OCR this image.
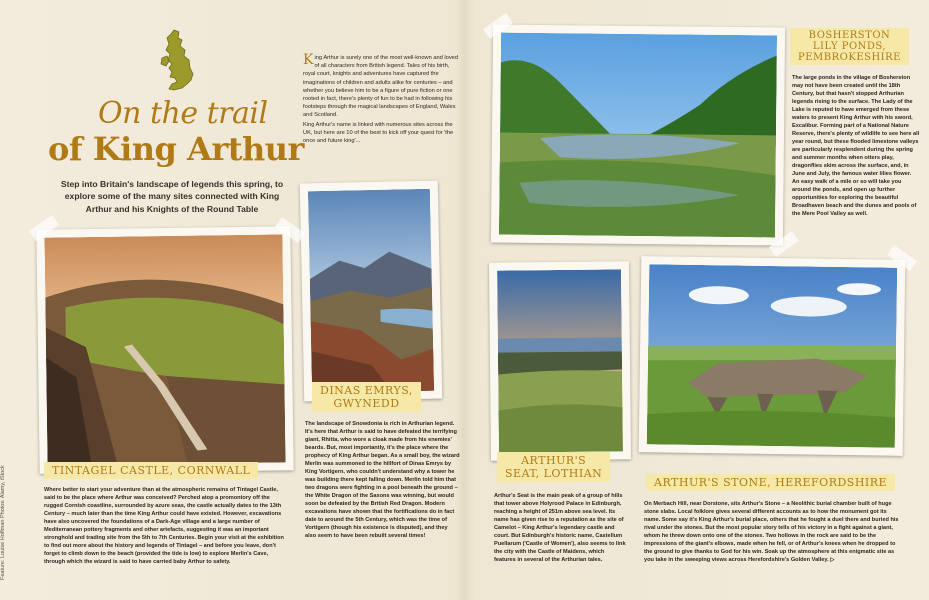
Feature: Louise Hoffman Photos: Alamy, iStock
On the trail
of King Arthur
Step into Britain's landscape of legends this spring, to explore some of the many sites connected with King Arthur and his Knights of the Round Table
King Arthur is surely one of the most well-known and loved of all characters from British legend. Tales of his birth, royal court, knights and adventures have captured the imaginations of children and adults alike for centuries – and whether you believe him to be a figure of pure fiction or one rooted in fact, there's plenty of fun to be had in following his footsteps through the magical landscapes of England, Wales and Scotland.
King Arthur's name is linked with numerous sites across the UK, but here are 10 of the best to kick off your quest for 'the once and future king'...
TINTAGEL CASTLE, CORNWALL
Where better to start your adventure than at the atmospheric remains of Tintagel Castle, said to be the place where Arthur was conceived? Perched atop a promontory off the rugged Cornish coastline, surrounded by azure seas, the castle actually dates to the 13th Century – much later than the time King Arthur could have existed. However, excavations have also uncovered the foundations of a Dark-Age village and a large number of Mediterranean pottery fragments and other artefacts, suggesting it was an important stronghold and trading site from the 5th to 7th Centuries. Begin your visit at the exhibition to find out more about the history and legends of Tintagel – and before you leave, don't forget to climb down to the beach (provided the tide is low) to explore Merlin's Cave, through which the wizard is said to have carried baby Arthur to safety.
DINAS EMRYS,
GWYNEDD
The landscape of Snowdonia is rich in Arthurian legend. It's here that Arthur is said to have defeated the terrifying giant, Rhitta, who wore a cloak made from his enemies' beards. But, most importantly, it's the place where the prophecy of King Arthur began. As a small boy, the wizard Merlin was summoned to the hillfort of Dinas Emrys by King Vortigern, who couldn't understand why a tower he was building there kept falling down. Merlin told him that two dragons were fighting in a pool beneath the ground – the White Dragon of the Saxons was winning, but would soon be defeated by the British Red Dragon. Modern excavations have shown that the fortifications do in fact date to around the 5th Century, which was the time of Vortigern (though his existence is disputed), and they also seem to have been rebuilt several times!
BOSHERSTON
LILY PONDS,
PEMBROKESHIRE
The large ponds in the village of Bosherston may not have been created until the 18th Century, but that hasn't stopped Arthurian legends rising to the surface. The Lady of the Lake is reputed to have emerged from these waters to present King Arthur with his sword, Excalibur. Forming part of a National Nature Reserve, there's plenty of wildlife to see here all year round, but these flooded limestone valleys are particularly resplendent during the spring and summer months when otters play, dragonflies skim across the surface, and, in June and July, the famous water lilies flower. An easy walk of a mile or so will take you around the ponds, and open up further opportunities for exploring the beautiful Broadhaven beach and the dunes and pools of the Mere Pool Valley as well.
ARTHUR'S
SEAT, LOTHIAN
Arthur's Seat is the main peak of a group of hills that tower above Holyrood Palace in Edinburgh, reaching a height of 251m above sea level. Its name has given rise to a reputation as the site of Camelot – King Arthur's legendary castle and court. But Edinburgh's historic name, Castellum Puellarum ('Castle of Women'), also seems to link the city with the Castle of Maidens, which features in several of the Arthurian tales.
ARTHUR'S STONE, HEREFORDSHIRE
On Merbach Hill, near Dorstone, sits Arthur's Stone – a Neolithic burial chamber built of huge stone slabs. Local folklore gives several different accounts as to how the monument got its name. Some say it's King Arthur's burial place, others that he fought a duel there and buried his rival under the stones. But the most popular story tells of his victory in a fight against a giant, whom he threw down onto one of the stones. Two hollows in the rock are said to be the impressions of the giant's elbows, made when he fell, or of Arthur's knees when he dropped to the ground to give thanks to God for his win. Soak up the atmosphere at this enigmatic site as you take in the sweeping views across Herefordshire's Golden Valley. ▷
